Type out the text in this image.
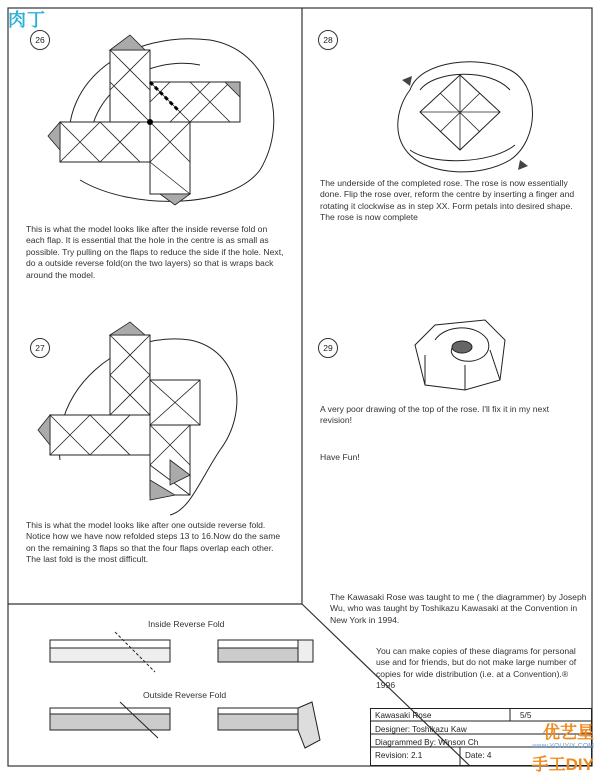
26
This is what the model looks like after the inside reverse fold on each flap. It is essential that the hole in the centre is as small as possible. Try pulling on the flaps to reduce the side if the hole. Next, do a outside reverse fold(on the two layers) so that is wraps back around the model.
27
This is what the model looks like after one outside reverse fold. Notice how we have now refolded steps 13 to 16.Now do the same on the remaining 3 flaps so that the four flaps overlap each other. The last fold is the most difficult.
28
The underside of the completed rose. The rose is now essentially done. Flip the rose over, reform the centre by inserting a finger and rotating it clockwise as in step XX. Form petals into desired shape. The rose is now complete
29
A very poor drawing of the top of the rose. I'll fix it in my next revision!
Have Fun!
The Kawasaki Rose was taught to me ( the diagrammer) by Joseph Wu, who was taught by Toshikazu Kawasaki at the Convention in New York in 1994.
You can make copies of these diagrams for personal use and for friends, but do not make large number of copies for wide distribution (i.e. at a Convention).® 1996
Inside Reverse Fold
Outside Reverse Fold
Kawasaki Rose	5/5
Designer: Toshikazu Kaw
Diagrammed By: Winson Ch
Revision: 2.1	Date: 4
肉丁
优艺星
www.YOUYIX.COM
手工DIY
